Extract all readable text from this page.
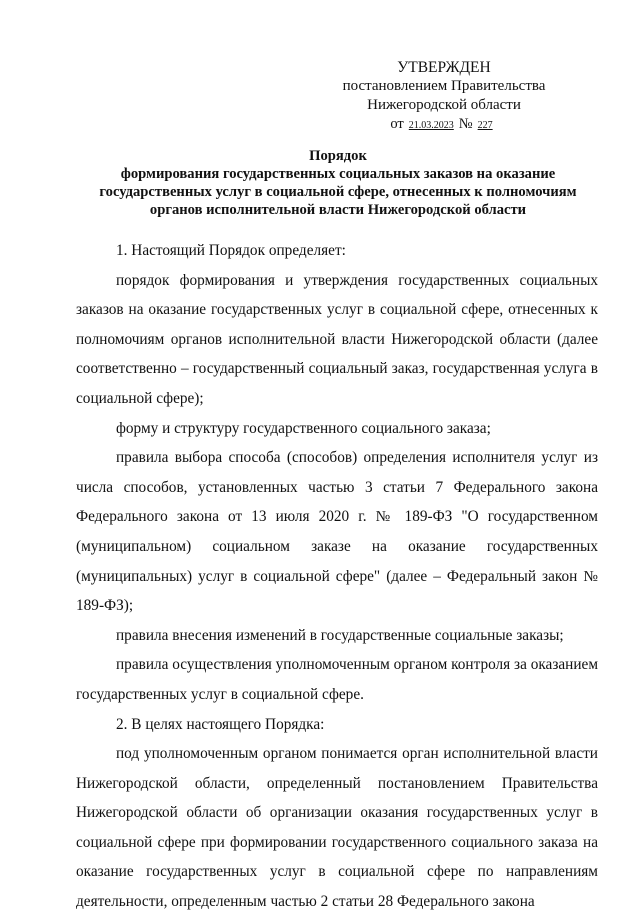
УТВЕРЖДЕН
постановлением Правительства
Нижегородской области
от 21.03.2023 № 227
Порядок
формирования государственных социальных заказов на оказание
государственных услуг в социальной сфере, отнесенных к полномочиям
органов исполнительной власти Нижегородской области

1. Настоящий Порядок определяет:

порядок формирования и утверждения государственных социальных заказов на оказание государственных услуг в социальной сфере, отнесенных к полномочиям органов исполнительной власти Нижегородской области (далее соответственно – государственный социальный заказ, государственная услуга в социальной сфере);

форму и структуру государственного социального заказа;

правила выбора способа (способов) определения исполнителя услуг из числа способов, установленных частью 3 статьи 7 Федерального закона Федерального закона от 13 июля 2020 г. № 189-ФЗ "О государственном (муниципальном) социальном заказе на оказание государственных (муниципальных) услуг в социальной сфере" (далее – Федеральный закон № 189-ФЗ);

правила внесения изменений в государственные социальные заказы;

правила осуществления уполномоченным органом контроля за оказанием государственных услуг в социальной сфере.

2. В целях настоящего Порядка:

под уполномоченным органом понимается орган исполнительной власти Нижегородской области, определенный постановлением Правительства Нижегородской области об организации оказания государственных услуг в социальной сфере при формировании государственного социального заказа на оказание государственных услуг в социальной сфере по направлениям деятельности, определенным частью 2 статьи 28 Федерального закона
